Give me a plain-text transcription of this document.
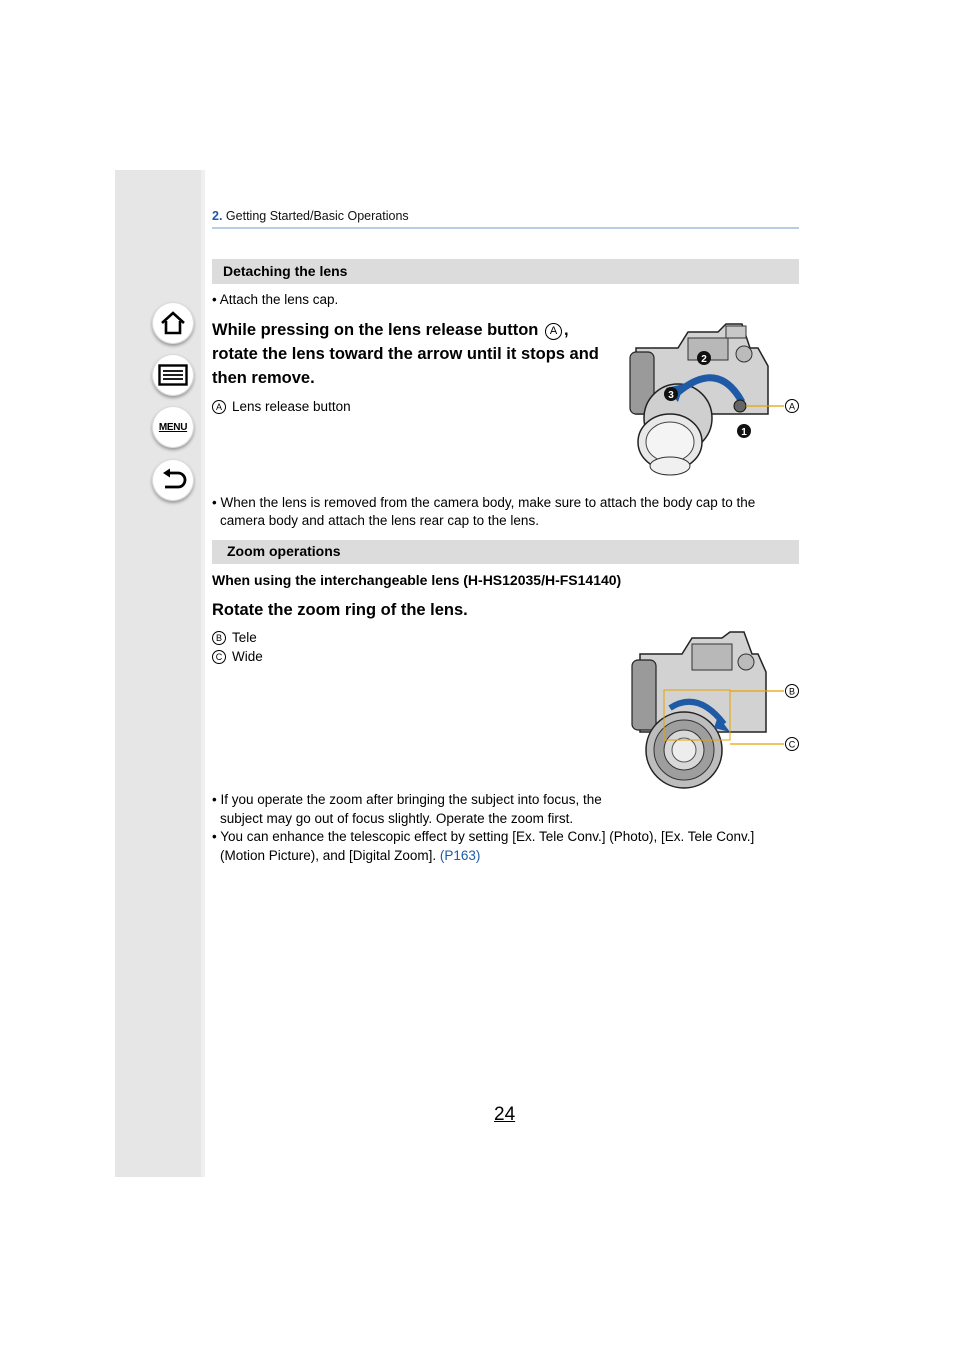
MENU
2. Getting Started/Basic Operations
Detaching the lens
• Attach the lens cap.
While pressing on the lens release button A ,
rotate the lens toward the arrow until it stops and
then remove.
A Lens release button
2
3
1
A
• When the lens is removed from the camera body, make sure to attach the body cap to the
camera body and attach the lens rear cap to the lens.
Zoom operations
When using the interchangeable lens (H-HS12035/H-FS14140)
Rotate the zoom ring of the lens.
B Tele
C Wide
B
C
• If you operate the zoom after bringing the subject into focus, the
subject may go out of focus slightly. Operate the zoom first.
• You can enhance the telescopic effect by setting [Ex. Tele Conv.] (Photo), [Ex. Tele Conv.]
(Motion Picture), and [Digital Zoom]. (P163)
24
